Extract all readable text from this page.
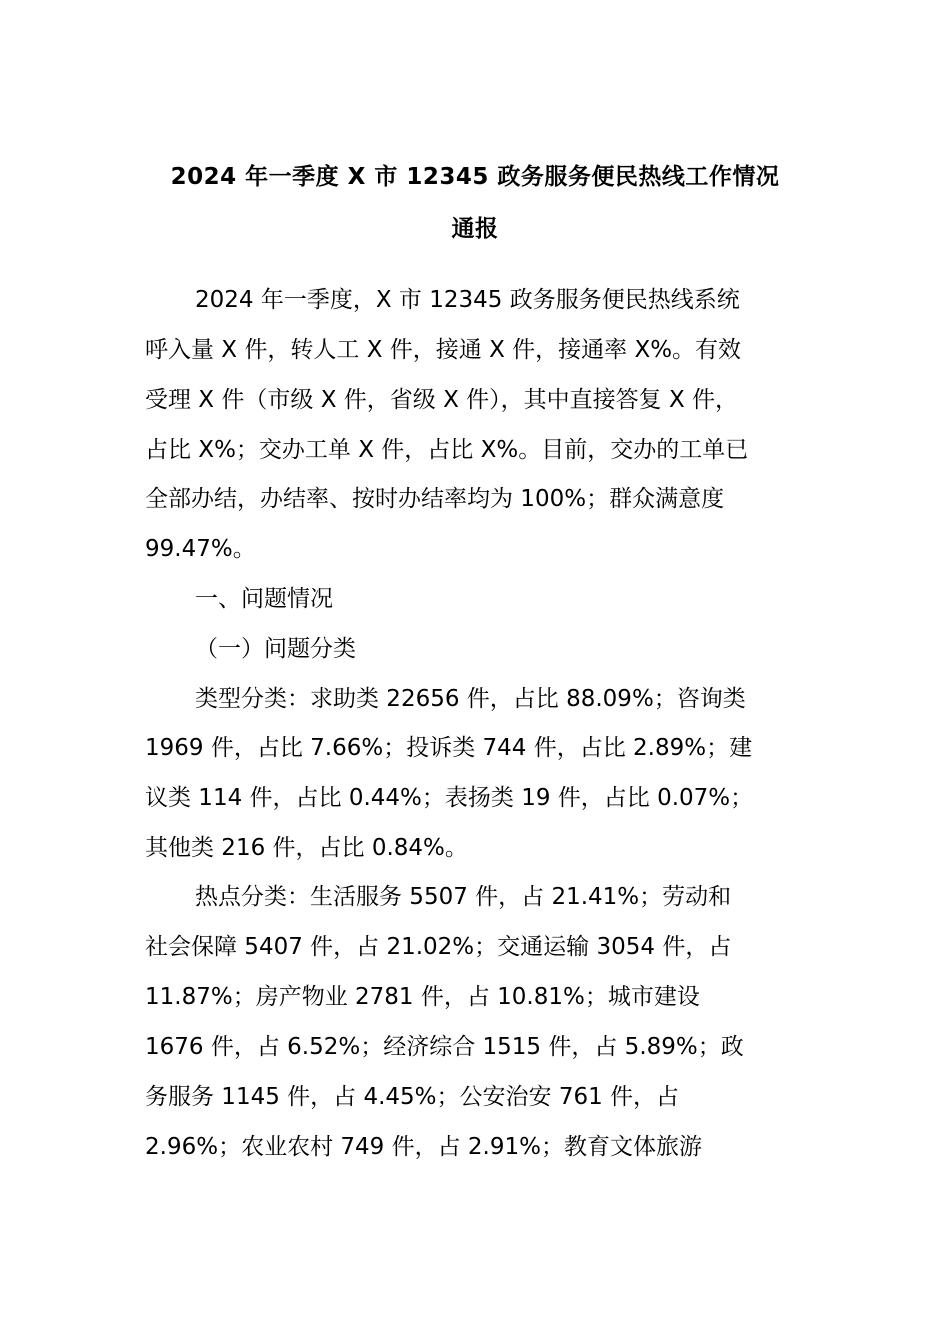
2024 年一季度 X 市 12345 政务服务便民热线工作情况
通报
2024 年一季度，X 市 12345 政务服务便民热线系统
呼入量 X 件，转人工 X 件，接通 X 件，接通率 X%。有效
受理 X 件（市级 X 件，省级 X 件），其中直接答复 X 件，
占比 X%；交办工单 X 件，占比 X%。目前，交办的工单已
全部办结，办结率、按时办结率均为 100%；群众满意度
99.47%。
一、问题情况
（一）问题分类
类型分类：求助类 22656 件，占比 88.09%；咨询类
1969 件，占比 7.66%；投诉类 744 件，占比 2.89%；建
议类 114 件，占比 0.44%；表扬类 19 件，占比 0.07%；
其他类 216 件，占比 0.84%。
热点分类：生活服务 5507 件，占 21.41%；劳动和
社会保障 5407 件，占 21.02%；交通运输 3054 件，占
11.87%；房产物业 2781 件，占 10.81%；城市建设
1676 件，占 6.52%；经济综合 1515 件，占 5.89%；政
务服务 1145 件，占 4.45%；公安治安 761 件，占
2.96%；农业农村 749 件，占 2.91%；教育文体旅游
